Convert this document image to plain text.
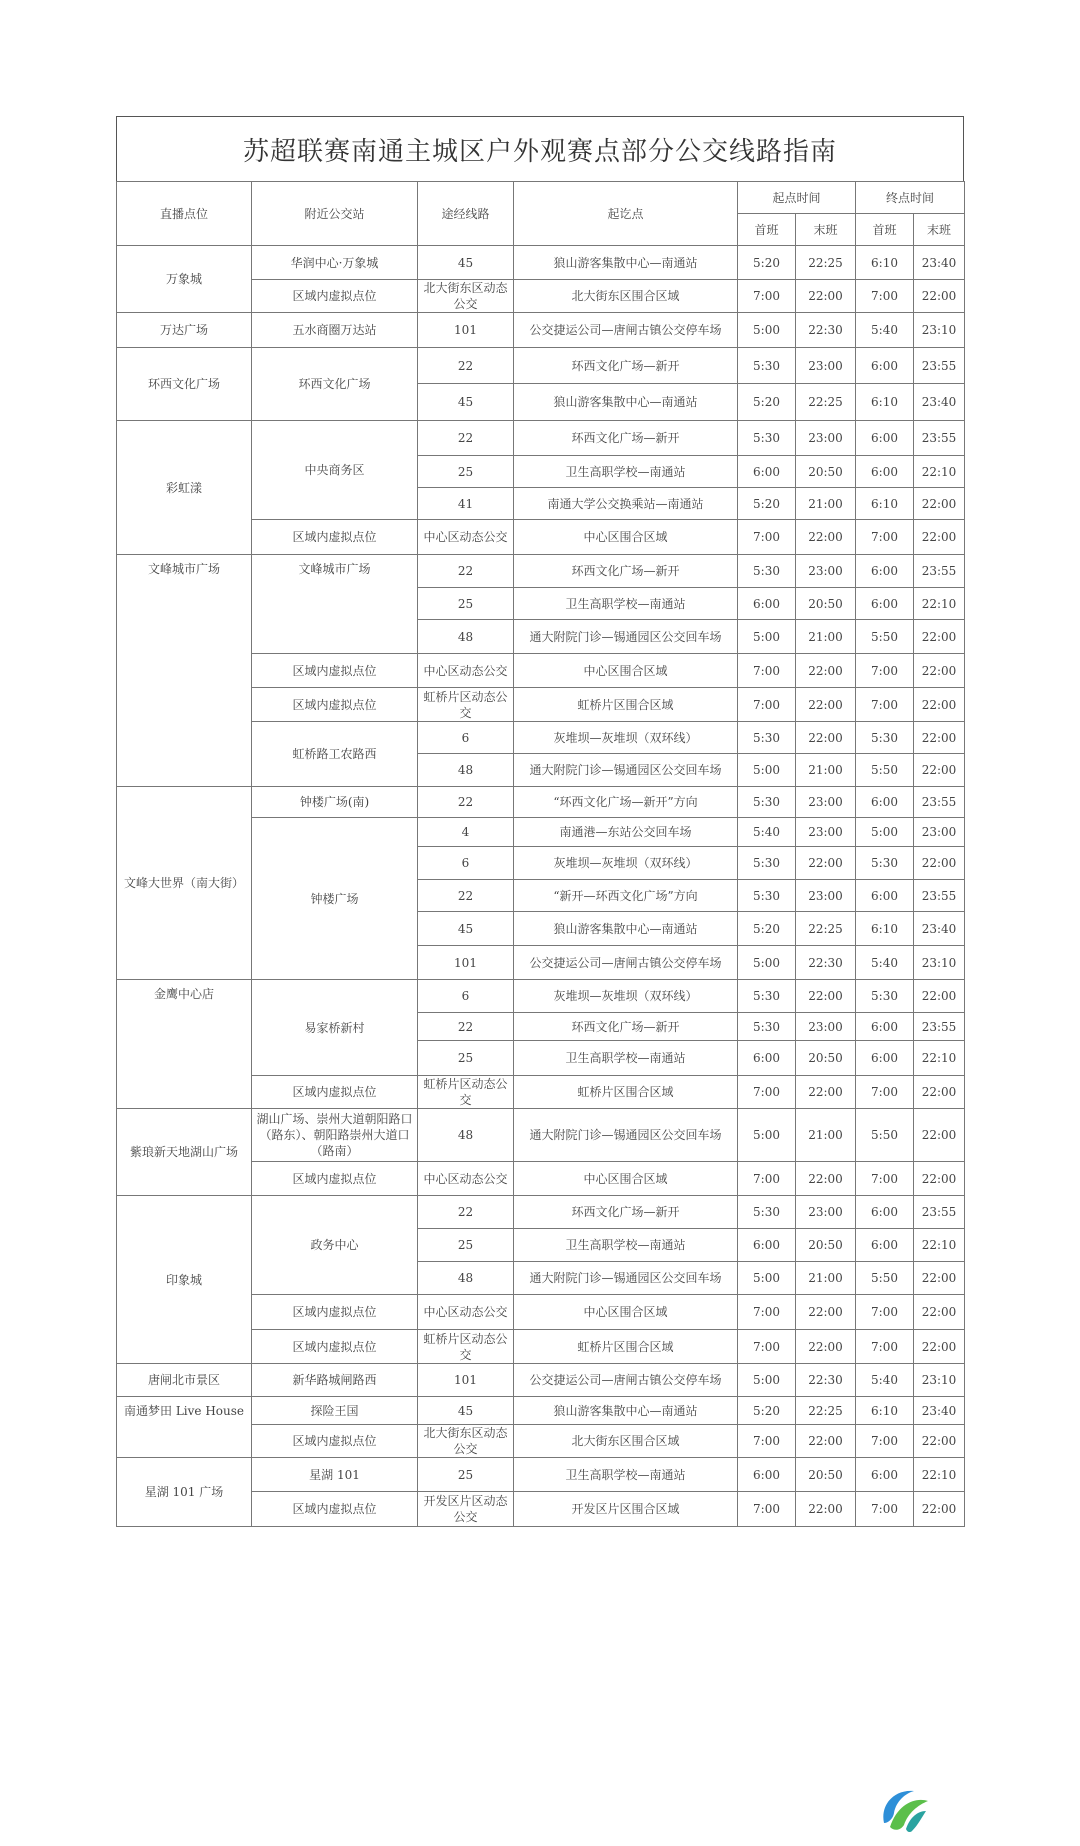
苏超联赛南通主城区户外观赛点部分公交线路指南
直播点位	附近公交站	途经线路	起讫点	起点时间		终点时间	
				首班	末班	首班	末班
万象城	华润中心·万象城	45	狼山游客集散中心—南通站	5:20	22:25	6:10	23:40
	区域内虚拟点位	北大街东区动态公交	北大街东区围合区域	7:00	22:00	7:00	22:00
万达广场	五水商圈万达站	101	公交捷运公司—唐闸古镇公交停车场	5:00	22:30	5:40	23:10
环西文化广场	环西文化广场	22	环西文化广场—新开	5:30	23:00	6:00	23:55
		45	狼山游客集散中心—南通站	5:20	22:25	6:10	23:40
彩虹漾	中央商务区	22	环西文化广场—新开	5:30	23:00	6:00	23:55
		25	卫生高职学校—南通站	6:00	20:50	6:00	22:10
		41	南通大学公交换乘站—南通站	5:20	21:00	6:10	22:00
	区域内虚拟点位	中心区动态公交	中心区围合区域	7:00	22:00	7:00	22:00
文峰城市广场	文峰城市广场	22	环西文化广场—新开	5:30	23:00	6:00	23:55
		25	卫生高职学校—南通站	6:00	20:50	6:00	22:10
		48	通大附院门诊—锡通园区公交回车场	5:00	21:00	5:50	22:00
	区域内虚拟点位	中心区动态公交	中心区围合区域	7:00	22:00	7:00	22:00
	区域内虚拟点位	虹桥片区动态公交	虹桥片区围合区域	7:00	22:00	7:00	22:00
	虹桥路工农路西	6	灰堆坝—灰堆坝（双环线）	5:30	22:00	5:30	22:00
		48	通大附院门诊—锡通园区公交回车场	5:00	21:00	5:50	22:00
文峰大世界（南大街）	钟楼广场(南)	22	“环西文化广场—新开”方向	5:30	23:00	6:00	23:55
	钟楼广场	4	南通港—东站公交回车场	5:40	23:00	5:00	23:00
		6	灰堆坝—灰堆坝（双环线）	5:30	22:00	5:30	22:00
		22	“新开—环西文化广场”方向	5:30	23:00	6:00	23:55
		45	狼山游客集散中心—南通站	5:20	22:25	6:10	23:40
		101	公交捷运公司—唐闸古镇公交停车场	5:00	22:30	5:40	23:10
金鹰中心店	易家桥新村	6	灰堆坝—灰堆坝（双环线）	5:30	22:00	5:30	22:00
		22	环西文化广场—新开	5:30	23:00	6:00	23:55
		25	卫生高职学校—南通站	6:00	20:50	6:00	22:10
	区域内虚拟点位	虹桥片区动态公交	虹桥片区围合区域	7:00	22:00	7:00	22:00
紫琅新天地湖山广场	湖山广场、崇州大道朝阳路口（路东）、朝阳路崇州大道口（路南）	48	通大附院门诊—锡通园区公交回车场	5:00	21:00	5:50	22:00
	区域内虚拟点位	中心区动态公交	中心区围合区域	7:00	22:00	7:00	22:00
印象城	政务中心	22	环西文化广场—新开	5:30	23:00	6:00	23:55
		25	卫生高职学校—南通站	6:00	20:50	6:00	22:10
		48	通大附院门诊—锡通园区公交回车场	5:00	21:00	5:50	22:00
	区域内虚拟点位	中心区动态公交	中心区围合区域	7:00	22:00	7:00	22:00
	区域内虚拟点位	虹桥片区动态公交	虹桥片区围合区域	7:00	22:00	7:00	22:00
唐闸北市景区	新华路城闸路西	101	公交捷运公司—唐闸古镇公交停车场	5:00	22:30	5:40	23:10
南通梦田 Live House	探险王国	45	狼山游客集散中心—南通站	5:20	22:25	6:10	23:40
	区域内虚拟点位	北大街东区动态公交	北大街东区围合区域	7:00	22:00	7:00	22:00
星湖 101 广场	星湖 101	25	卫生高职学校—南通站	6:00	20:50	6:00	22:10
	区域内虚拟点位	开发区片区动态公交	开发区片区围合区域	7:00	22:00	7:00	22:00
